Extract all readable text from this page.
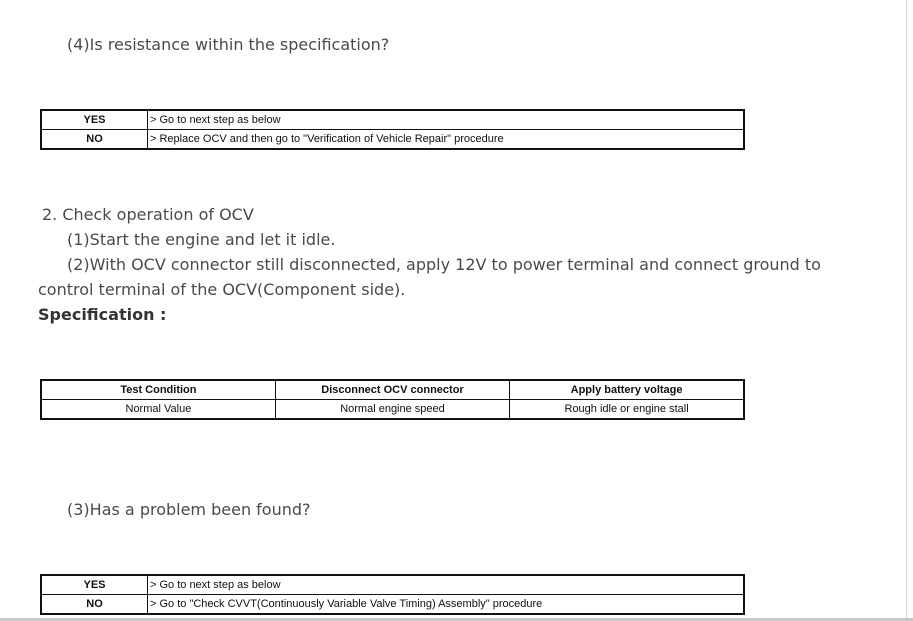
(4)Is resistance within the specification?
YES	> Go to next step as below
NO	> Replace OCV and then go to "Verification of Vehicle Repair" procedure
2. Check operation of OCV
(1)Start the engine and let it idle.
(2)With OCV connector still disconnected, apply 12V to power terminal and connect ground to
control terminal of the OCV(Component side).
Specification :
Test Condition	Disconnect OCV connector	Apply battery voltage
Normal Value	Normal engine speed	Rough idle or engine stall
(3)Has a problem been found?
YES	> Go to next step as below
NO	> Go to "Check CVVT(Continuously Variable Valve Timing) Assembly" procedure
